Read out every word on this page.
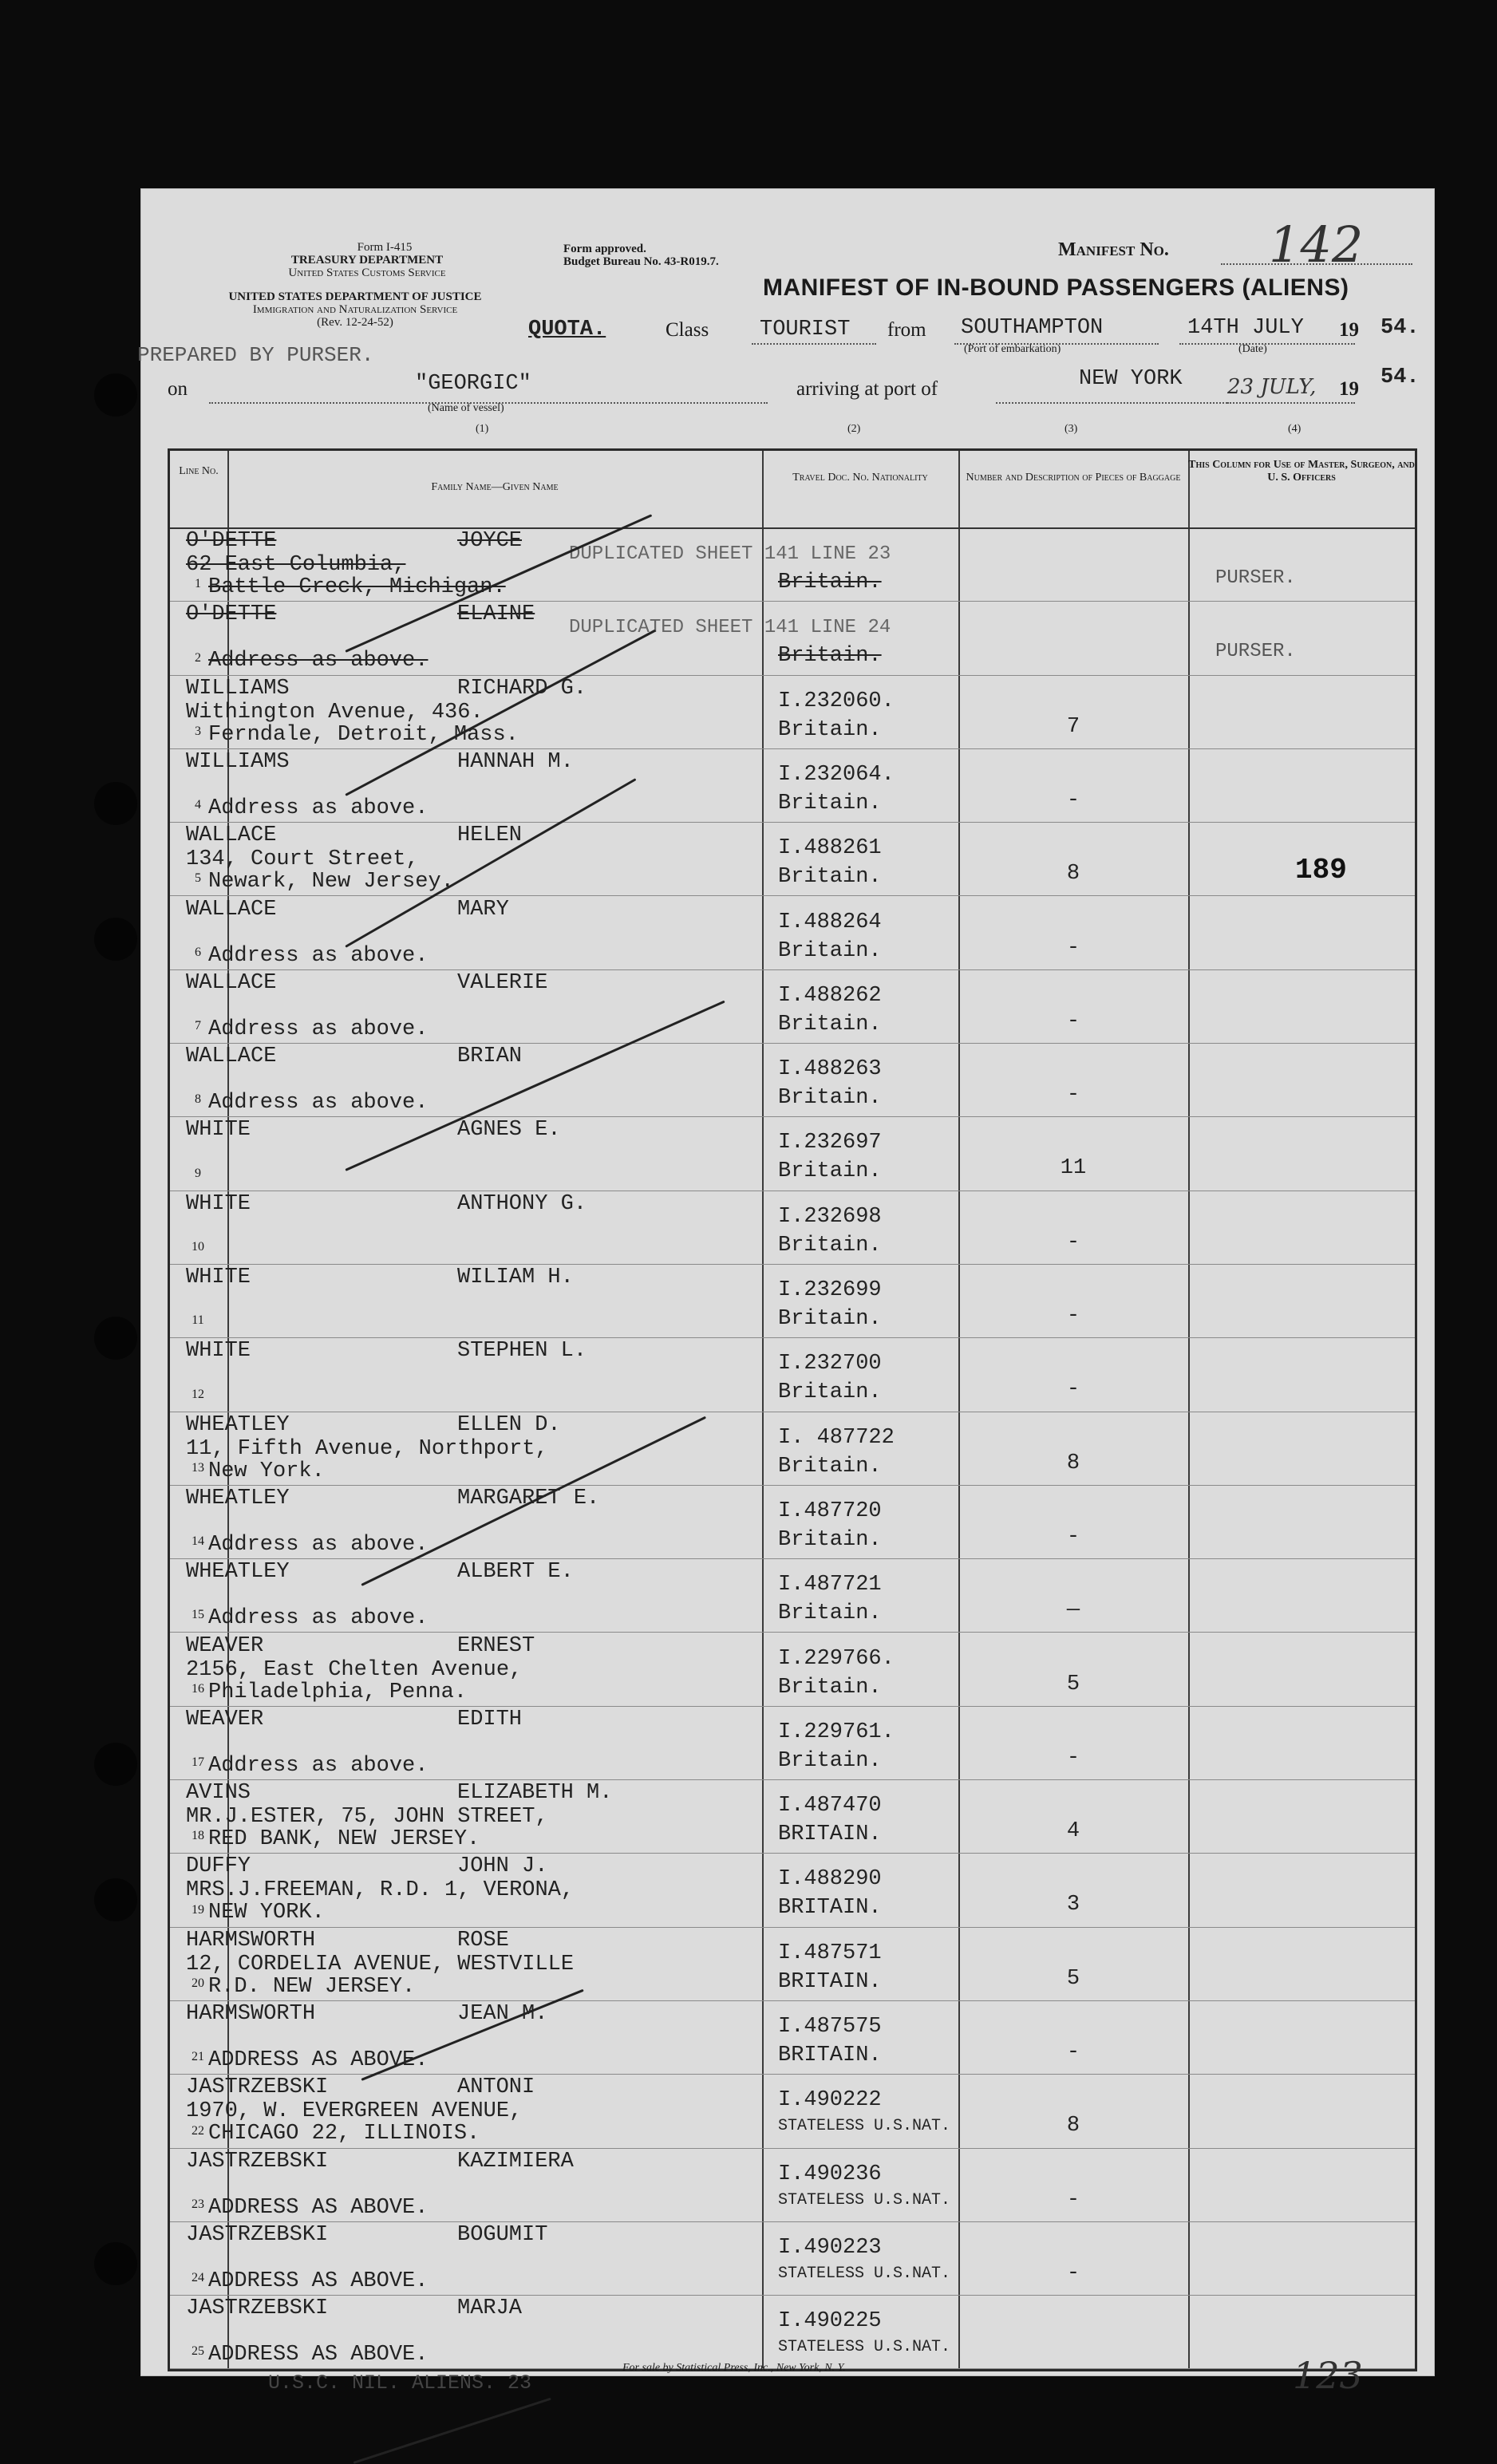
Form I-415
TREASURY DEPARTMENT
United States Customs Service
UNITED STATES DEPARTMENT OF JUSTICE
Immigration and Naturalization Service
(Rev. 12-24-52)
Form approved.
Budget Bureau No. 43-R019.7.
Manifest No. 142
MANIFEST OF IN-BOUND PASSENGERS (ALIENS)
PREPARED BY PURSER.
QUOTA.	Class TOURIST from SOUTHAMPTON	14TH JULY 19 54.
(Port of embarkation)	(Date)
on	"GEORGIC"
(Name of vessel)
arriving at port of	NEW YORK 23 JULY, 19 54.
(1)	(2)	(3)	(4)
Line No.
Family Name—Given Name
Travel Doc. No. Nationality	Number and Description of Pieces of Baggage
This Column for Use of Master, Surgeon, and U. S. Officers
1
O'DETTE	JOYCE
62 East Columbia,
Battle Creck, Michigan.	Britain.
DUPLICATED SHEET 141 LINE 23
PURSER.
2
O'DETTE	ELAINE
Address as above.	Britain.
DUPLICATED SHEET 141 LINE 24
PURSER.
3
WILLIAMS	RICHARD G.
Withington Avenue, 436.
Ferndale, Detroit, Mass.
I.232060.
Britain.	7
4
WILLIAMS	HANNAH M.
Address as above.
I.232064.
Britain.	-
5
WALLACE	HELEN
134, Court Street,
Newark, New Jersey.
I.488261
Britain.	8	189
6
WALLACE	MARY
Address as above.
I.488264
Britain.	-
7
WALLACE	VALERIE
Address as above.
I.488262
Britain.	-
8
WALLACE	BRIAN
Address as above.
I.488263
Britain.	-
9
WHITE	AGNES E.
I.232697
Britain.	11
10
WHITE	ANTHONY G.
I.232698
Britain.	-
11
WHITE	WILIAM H.
I.232699
Britain.	-
12
WHITE	STEPHEN L.
I.232700
Britain.	-
13
WHEATLEY	ELLEN D.
11, Fifth Avenue, Northport,
New York.
I. 487722
Britain.	8
14
WHEATLEY	MARGARET E.
Address as above.
I.487720
Britain.	-
15
WHEATLEY	ALBERT E.
Address as above.
I.487721
Britain.	—
16
WEAVER	ERNEST
2156, East Chelten Avenue,
Philadelphia, Penna.
I.229766.
Britain.	5
17
WEAVER	EDITH
Address as above.
I.229761.
Britain.	-
18
AVINS	ELIZABETH M.
MR.J.ESTER, 75, JOHN STREET,
RED BANK, NEW JERSEY.
I.487470
BRITAIN.	4
19
DUFFY	JOHN J.
MRS.J.FREEMAN, R.D. 1, VERONA,
NEW YORK.
I.488290
BRITAIN.	3
20
HARMSWORTH	ROSE
12, CORDELIA AVENUE, WESTVILLE
R.D. NEW JERSEY.
I.487571
BRITAIN.	5
21
HARMSWORTH	JEAN M.
ADDRESS AS ABOVE.
I.487575
BRITAIN.	-
22
JASTRZEBSKI	ANTONI
1970, W. EVERGREEN AVENUE,
CHICAGO 22, ILLINOIS.
I.490222
STATELESS U.S.NAT.	8
23
JASTRZEBSKI	KAZIMIERA
ADDRESS AS ABOVE.
I.490236
STATELESS U.S.NAT.	-
24
JASTRZEBSKI	BOGUMIT
ADDRESS AS ABOVE.
I.490223
STATELESS U.S.NAT.	-
25
JASTRZEBSKI	MARJA
ADDRESS AS ABOVE.
I.490225
STATELESS U.S.NAT.
U.S.C. NIL. ALIENS. 23
For sale by Statistical Press, Inc., New York, N. Y.	123
